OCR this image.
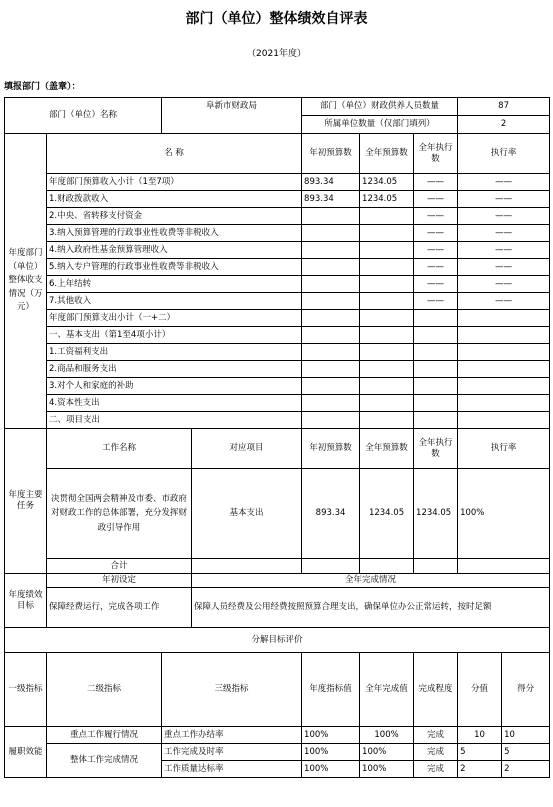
部门（单位）整体绩效自评表
（2021年度）
填报部门（盖章）：
部门（单位）名称		阜新市财政局		部门（单位）财政供养人员数量			87	
				所属单位数量（仅部门填列）			2	
年度部门（单位）整体收支情况（万元）	名 称			年初预算数	全年预算数	全年执行数	执行率	
	年度部门预算收入小计（1至7项）			893.34	1234.05	——	——	
	1.财政拨款收入			893.34	1234.05	——	——	
	2.中央、省转移支付资金					——	——	
	3.纳入预算管理的行政事业性收费等非税收入					——	——	
	4.纳入政府性基金预算管理收入					——	——	
	5.纳入专户管理的行政事业性收费等非税收入					——	——	
	6.上年结转					——	——	
	7.其他收入					——	——	
	年度部门预算支出小计（一+二）							
	一、基本支出（第1至4项小计）							
	1.工资福利支出							
	2.商品和服务支出							
	3.对个人和家庭的补助							
	4.资本性支出							
	二、项目支出							
年度主要任务	工作名称		对应项目	年初预算数	全年预算数	全年执行数	执行率	
	决贯彻全国两会精神及市委、市政府对财政工作的总体部署，充分发挥财政引导作用		基本支出	893.34	1234.05	1234.05	100%	
	合计							
年度绩效目标	年初设定		全年完成情况					
	保障经费运行，完成各项工作		保障人员经费及公用经费按照预算合理支出，确保单位办公正常运转，按时足额					
分解目标评价								
一级指标	二级指标	三级指标		年度指标值	全年完成值	完成程度	分值	得分
履职效能	重点工作履行情况	重点工作办结率		100%	100%	完成	10	10
	整体工作完成情况	工作完成及时率		100%	100%	完成	5	5
		工作质量达标率		100%	100%	完成	2	2
